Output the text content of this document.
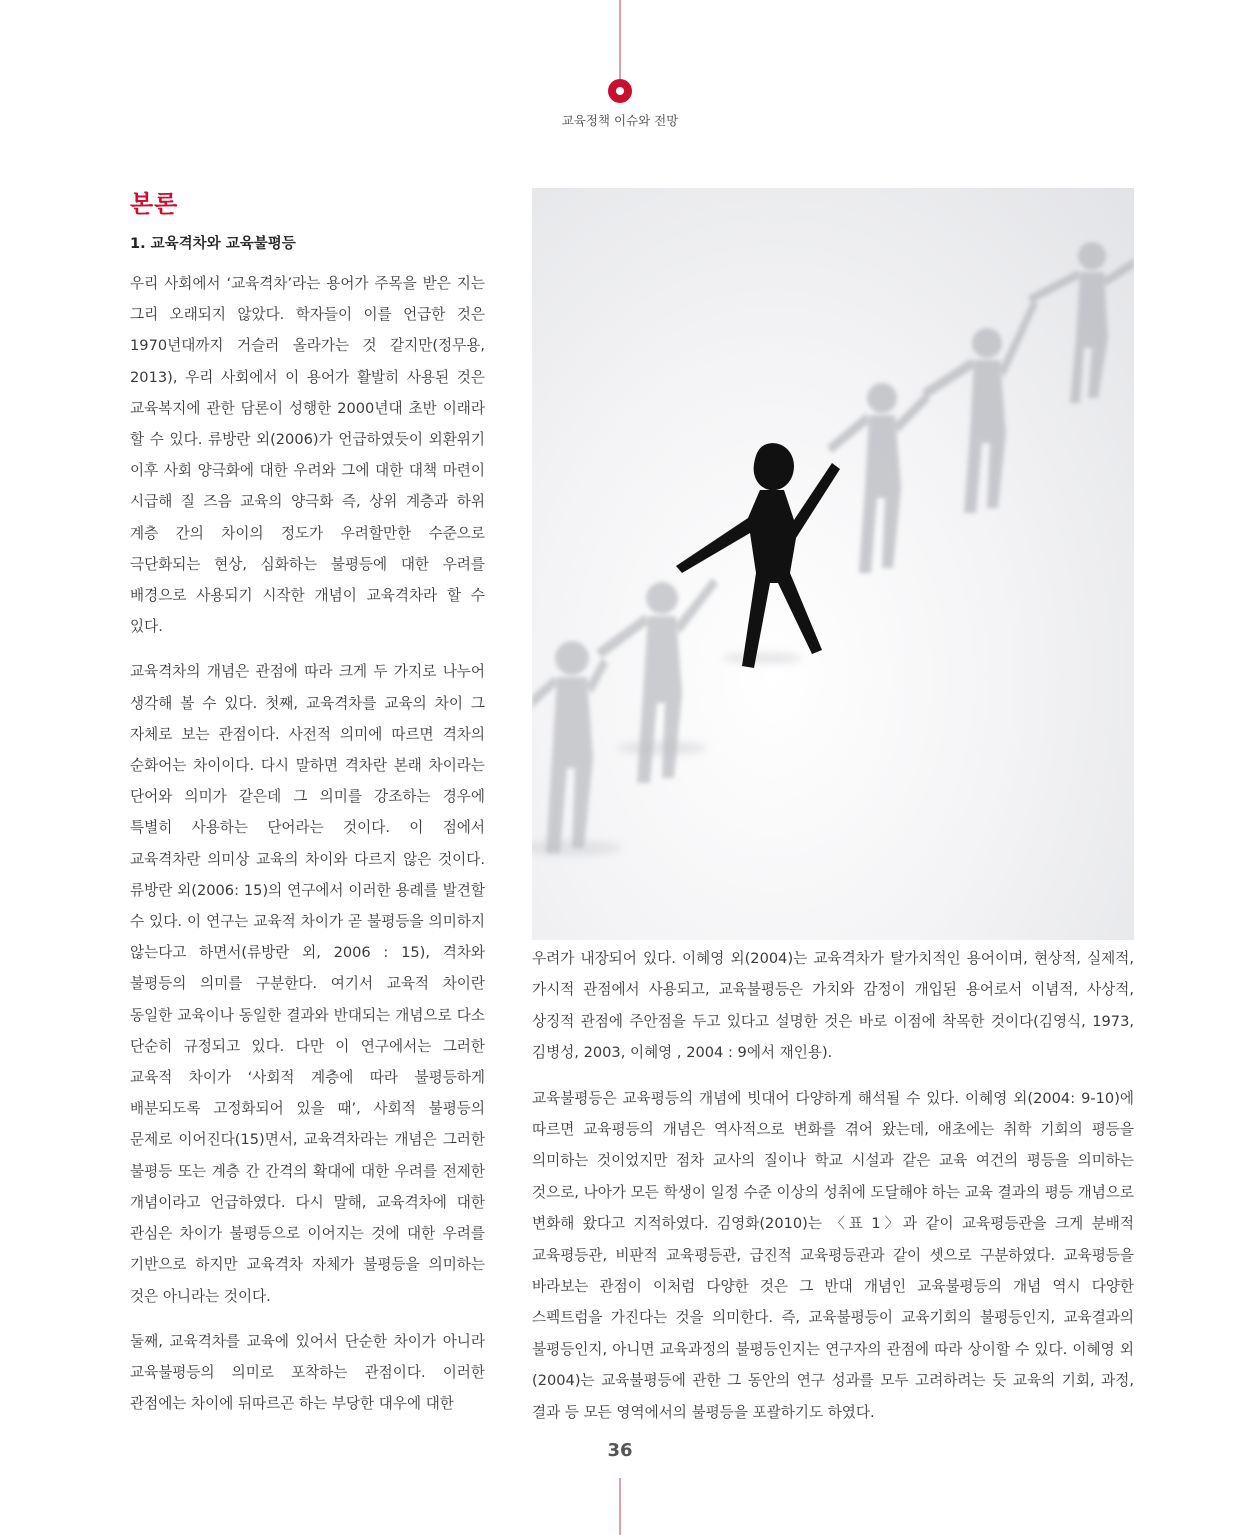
교육정책 이슈와 전망
본론
1. 교육격차와 교육불평등

우리 사회에서 ‘교육격차’라는 용어가 주목을 받은 지는 그리 오래되지 않았다. 학자들이 이를 언급한 것은 1970년대까지 거슬러 올라가는 것 같지만(정무용, 2013), 우리 사회에서 이 용어가 활발히 사용된 것은 교육복지에 관한 담론이 성행한 2000년대 초반 이래라 할 수 있다. 류방란 외(2006)가 언급하였듯이 외환위기 이후 사회 양극화에 대한 우려와 그에 대한 대책 마련이 시급해 질 즈음 교육의 양극화 즉, 상위 계층과 하위 계층 간의 차이의 정도가 우려할만한 수준으로 극단화되는 현상, 심화하는 불평등에 대한 우려를 배경으로 사용되기 시작한 개념이 교육격차라 할 수 있다.

교육격차의 개념은 관점에 따라 크게 두 가지로 나누어 생각해 볼 수 있다. 첫째, 교육격차를 교육의 차이 그 자체로 보는 관점이다. 사전적 의미에 따르면 격차의 순화어는 차이이다. 다시 말하면 격차란 본래 차이라는 단어와 의미가 같은데 그 의미를 강조하는 경우에 특별히 사용하는 단어라는 것이다. 이 점에서 교육격차란 의미상 교육의 차이와 다르지 않은 것이다. 류방란 외(2006: 15)의 연구에서 이러한 용례를 발견할 수 있다. 이 연구는 교육적 차이가 곧 불평등을 의미하지 않는다고 하면서(류방란 외, 2006 : 15), 격차와 불평등의 의미를 구분한다. 여기서 교육적 차이란 동일한 교육이나 동일한 결과와 반대되는 개념으로 다소 단순히 규정되고 있다. 다만 이 연구에서는 그러한 교육적 차이가 ‘사회적 계층에 따라 불평등하게 배분되도록 고정화되어 있을 때’, 사회적 불평등의 문제로 이어진다(15)면서, 교육격차라는 개념은 그러한 불평등 또는 계층 간 간격의 확대에 대한 우려를 전제한 개념이라고 언급하였다. 다시 말해, 교육격차에 대한 관심은 차이가 불평등으로 이어지는 것에 대한 우려를 기반으로 하지만 교육격차 자체가 불평등을 의미하는 것은 아니라는 것이다.

둘째, 교육격차를 교육에 있어서 단순한 차이가 아니라 교육불평등의 의미로 포착하는 관점이다. 이러한 관점에는 차이에 뒤따르곤 하는 부당한 대우에 대한

우려가 내장되어 있다. 이혜영 외(2004)는 교육격차가 탈가치적인 용어이며, 현상적, 실제적, 가시적 관점에서 사용되고, 교육불평등은 가치와 감정이 개입된 용어로서 이념적, 사상적, 상징적 관점에 주안점을 두고 있다고 설명한 것은 바로 이점에 착목한 것이다(김영식, 1973, 김병성, 2003, 이혜영 , 2004 : 9에서 재인용).

교육불평등은 교육평등의 개념에 빗대어 다양하게 해석될 수 있다. 이혜영 외(2004: 9-10)에 따르면 교육평등의 개념은 역사적으로 변화를 겪어 왔는데, 애초에는 취학 기회의 평등을 의미하는 것이었지만 점차 교사의 질이나 학교 시설과 같은 교육 여건의 평등을 의미하는 것으로, 나아가 모든 학생이 일정 수준 이상의 성취에 도달해야 하는 교육 결과의 평등 개념으로 변화해 왔다고 지적하였다. 김영화(2010)는 〈표 1〉과 같이 교육평등관을 크게 분배적 교육평등관, 비판적 교육평등관, 급진적 교육평등관과 같이 셋으로 구분하였다. 교육평등을 바라보는 관점이 이처럼 다양한 것은 그 반대 개념인 교육불평등의 개념 역시 다양한 스펙트럼을 가진다는 것을 의미한다. 즉, 교육불평등이 교육기회의 불평등인지, 교육결과의 불평등인지, 아니면 교육과정의 불평등인지는 연구자의 관점에 따라 상이할 수 있다. 이혜영 외(2004)는 교육불평등에 관한 그 동안의 연구 성과를 모두 고려하려는 듯 교육의 기회, 과정, 결과 등 모든 영역에서의 불평등을 포괄하기도 하였다.

36
